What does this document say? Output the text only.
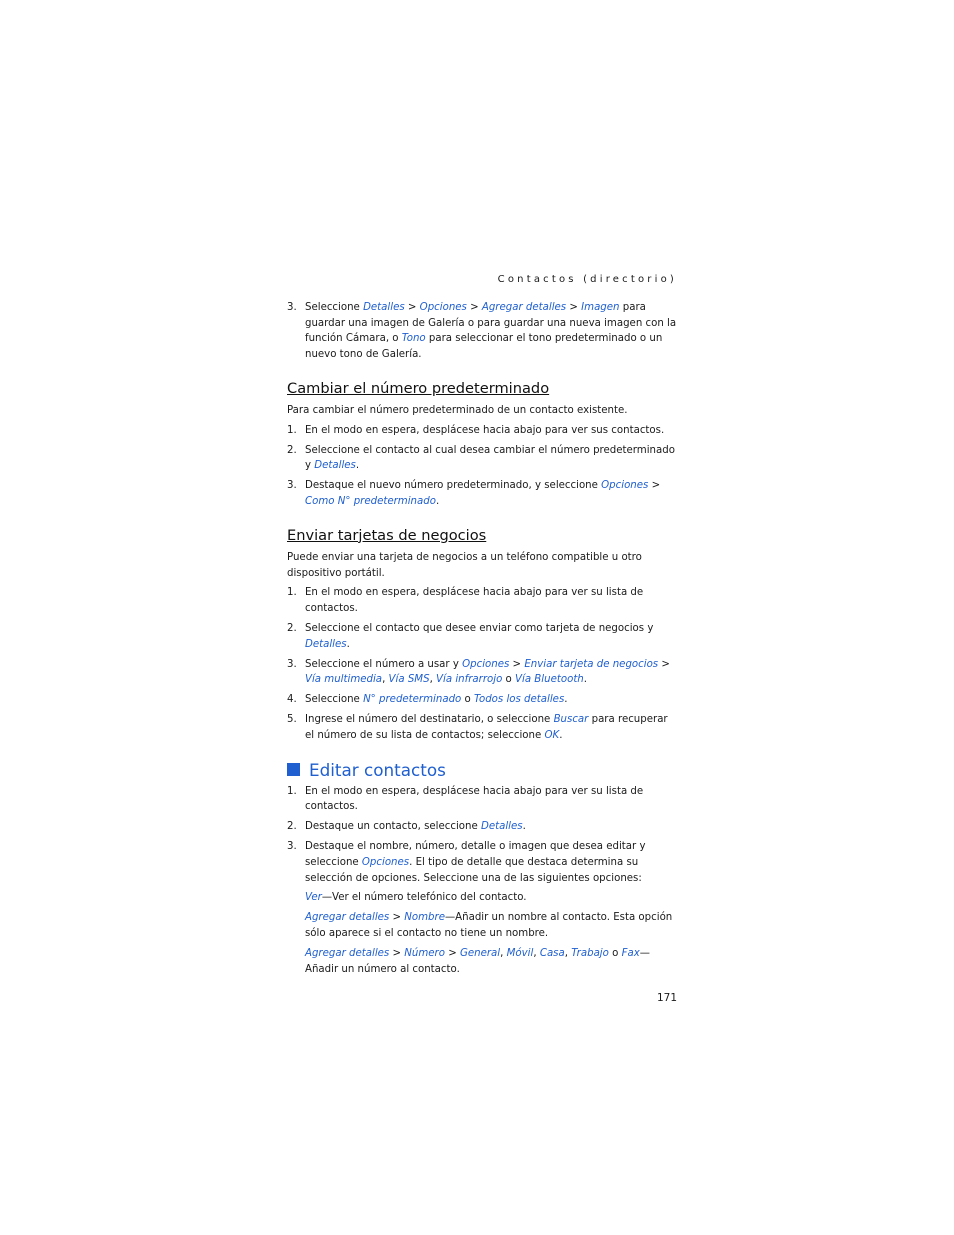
Contactos (directorio)
3. Seleccione Detalles > Opciones > Agregar detalles > Imagen para guardar una imagen de Galería o para guardar una nueva imagen con la función Cámara, o Tono para seleccionar el tono predeterminado o un nuevo tono de Galería.
Cambiar el número predeterminado

Para cambiar el número predeterminado de un contacto existente.

1. En el modo en espera, desplácese hacia abajo para ver sus contactos.
2. Seleccione el contacto al cual desea cambiar el número predeterminado y Detalles.
3. Destaque el nuevo número predeterminado, y seleccione Opciones > Como N° predeterminado.
Enviar tarjetas de negocios

Puede enviar una tarjeta de negocios a un teléfono compatible u otro dispositivo portátil.

1. En el modo en espera, desplácese hacia abajo para ver su lista de contactos.
2. Seleccione el contacto que desee enviar como tarjeta de negocios y Detalles.
3. Seleccione el número a usar y Opciones > Enviar tarjeta de negocios > Vía multimedia, Vía SMS, Vía infrarrojo o Vía Bluetooth.
4. Seleccione N° predeterminado o Todos los detalles.
5. Ingrese el número del destinatario, o seleccione Buscar para recuperar el número de su lista de contactos; seleccione OK.
Editar contactos
1. En el modo en espera, desplácese hacia abajo para ver su lista de contactos.
2. Destaque un contacto, seleccione Detalles.
3. Destaque el nombre, número, detalle o imagen que desea editar y seleccione Opciones. El tipo de detalle que destaca determina su selección de opciones. Seleccione una de las siguientes opciones:

Ver—Ver el número telefónico del contacto.

Agregar detalles > Nombre—Añadir un nombre al contacto. Esta opción sólo aparece si el contacto no tiene un nombre.

Agregar detalles > Número > General, Móvil, Casa, Trabajo o Fax—Añadir un número al contacto.

171
